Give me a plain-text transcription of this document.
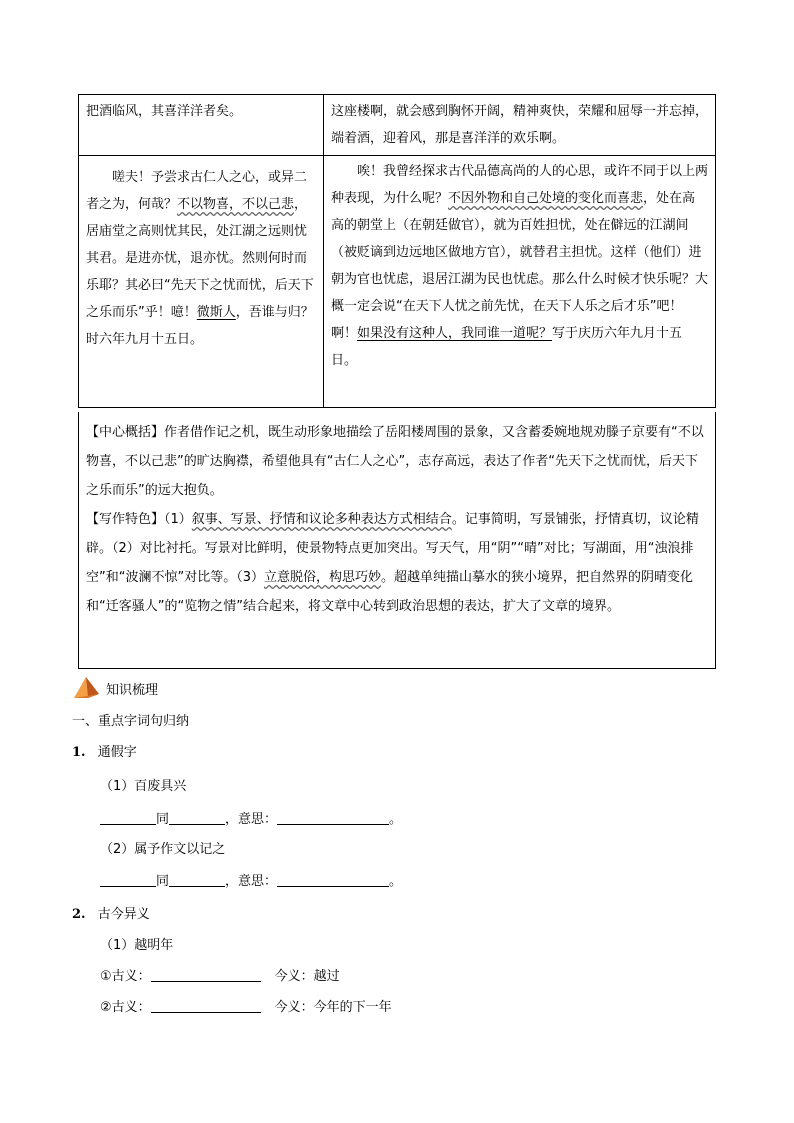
把酒临风，其喜洋洋者矣。	这座楼啊，就会感到胸怀开阔，精神爽快，荣耀和屈辱一并忘掉，端着酒，迎着风，那是喜洋洋的欢乐啊。

嗟夫！予尝求古仁人之心，或异二者之为，何哉？不以物喜，不以己悲，居庙堂之高则忧其民，处江湖之远则忧其君。是进亦忧，退亦忧。然则何时而乐耶？其必曰“先天下之忧而忧，后天下之乐而乐”乎！噫！微斯人，吾谁与归？时六年九月十五日。	唉！我曾经探求古代品德高尚的人的心思，或许不同于以上两种表现，为什么呢？不因外物和自己处境的变化而喜悲，处在高高的朝堂上（在朝廷做官），就为百姓担忧，处在僻远的江湖间（被贬谪到边远地区做地方官），就替君主担忧。这样（他们）进朝为官也忧虑，退居江湖为民也忧虑。那么什么时候才快乐呢？大概一定会说“在天下人忧之前先忧，在天下人乐之后才乐”吧！啊！如果没有这种人，我同谁一道呢？写于庆历六年九月十五日。

【中心概括】作者借作记之机，既生动形象地描绘了岳阳楼周围的景象，又含蓄委婉地规劝滕子京要有“不以物喜，不以己悲”的旷达胸襟，希望他具有“古仁人之心”，志存高远，表达了作者“先天下之忧而忧，后天下之乐而乐”的远大抱负。

【写作特色】（1）叙事、写景、抒情和议论多种表达方式相结合。记事简明，写景铺张，抒情真切，议论精辟。（2）对比衬托。写景对比鲜明，使景物特点更加突出。写天气，用“阴”“晴”对比；写湖面，用“浊浪排空”和“波澜不惊”对比等。（3）立意脱俗，构思巧妙。超越单纯描山摹水的狭小境界，把自然界的阴晴变化和“迁客骚人”的“览物之情”结合起来，将文章中心转到政治思想的表达，扩大了文章的境界。

知识梳理
一、重点字词句归纳
1. 通假字
（1）百废具兴
同	，意思：	。
（2）属予作文以记之
同	，意思：	。
2. 古今异义
（1）越明年
①古义：	今义：越过
②古义：	今义：今年的下一年
